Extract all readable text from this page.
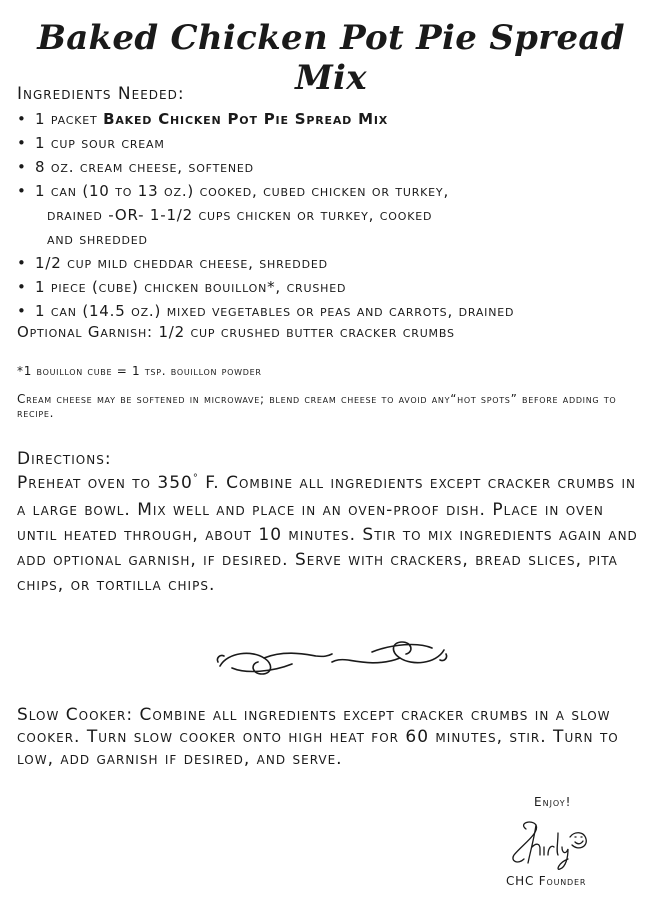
Baked Chicken Pot Pie Spread Mix

Ingredients Needed:

• 1 packet Baked Chicken Pot Pie Spread Mix
• 1 cup sour cream
• 8 oz. cream cheese, softened
• 1 can (10 to 13 oz.) cooked, cubed chicken or turkey,
drained -OR- 1-1/2 cups chicken or turkey, cooked
and shredded
• 1/2 cup mild cheddar cheese, shredded
• 1 piece (cube) chicken bouillon*, crushed
• 1 can (14.5 oz.) mixed vegetables or peas and carrots, drained

Optional Garnish: 1/2 cup crushed butter cracker crumbs

*1 bouillon cube = 1 tsp. bouillon powder

Cream cheese may be softened in microwave; blend cream cheese to avoid any“hot spots” before adding to recipe.

Directions:

Preheat oven to 350° F. Combine all ingredients except cracker crumbs in a large bowl. Mix well and place in an oven-proof dish. Place in oven until heated through, about 10 minutes. Stir to mix ingredients again and add optional garnish, if desired. Serve with crackers, bread slices, pita chips, or tortilla chips.

Slow Cooker: Combine all ingredients except cracker crumbs in a slow cooker. Turn slow cooker onto high heat for 60 minutes, stir. Turn to low, add garnish if desired, and serve.

Enjoy!

CHC Founder
